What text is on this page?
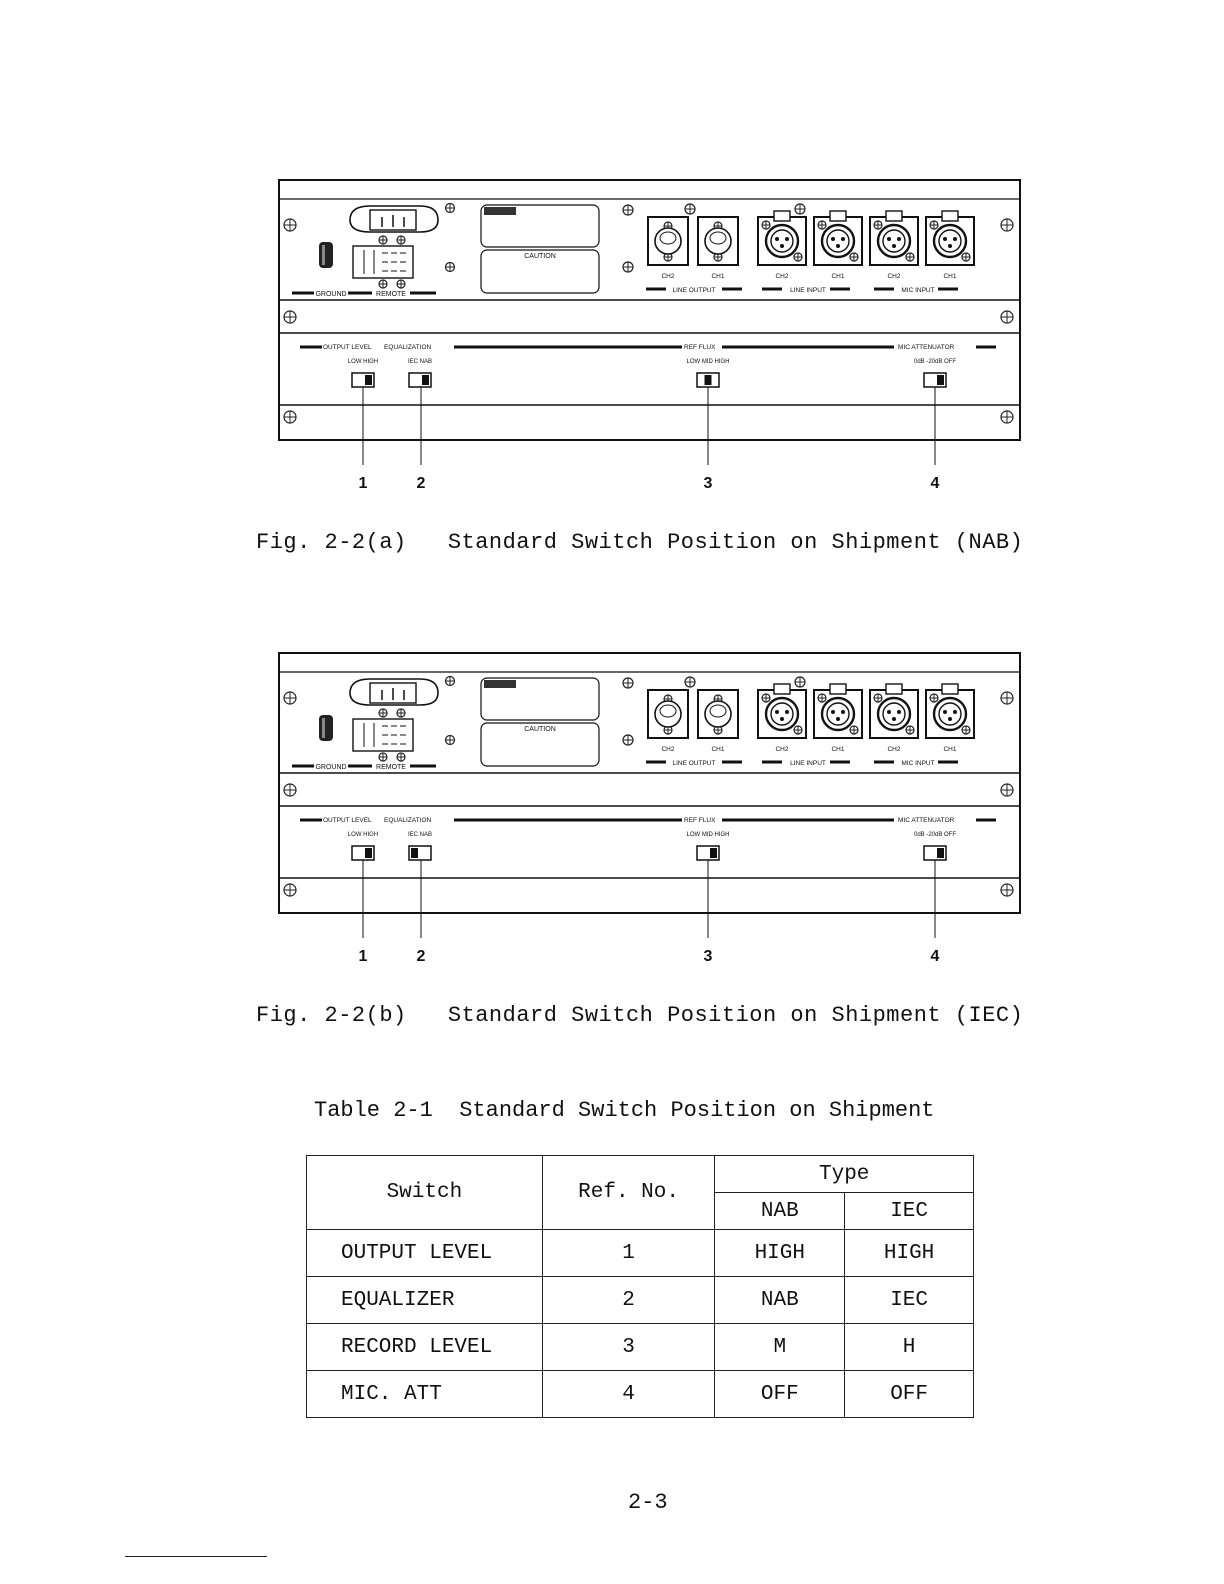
GROUND	REMOTE
CAUTION
CH2	CH1	CH2	CH1	CH2	CH1
LINE OUTPUT	LINE INPUT	MIC INPUT
OUTPUT LEVEL EQUALIZATION	REF FLUX	MIC ATTENUATOR
LOW HIGH	IEC NAB	LOW MID HIGH	0dB -20dB OFF
1	2	3	4
Fig. 2-2(a)   Standard Switch Position on Shipment (NAB)
GROUND	REMOTE
CAUTION
CH2	CH1	CH2	CH1	CH2	CH1
LINE OUTPUT	LINE INPUT	MIC INPUT
OUTPUT LEVEL EQUALIZATION	REF FLUX	MIC ATTENUATOR
LOW HIGH	IEC NAB	LOW MID HIGH	0dB -20dB OFF
1	2	3	4
Fig. 2-2(b)   Standard Switch Position on Shipment (IEC)
Table 2-1  Standard Switch Position on Shipment
Switch	Ref. No.	Type	
		NAB	IEC
OUTPUT LEVEL	1	HIGH	HIGH
EQUALIZER	2	NAB	IEC
RECORD LEVEL	3	M	H
MIC. ATT	4	OFF	OFF
2-3
